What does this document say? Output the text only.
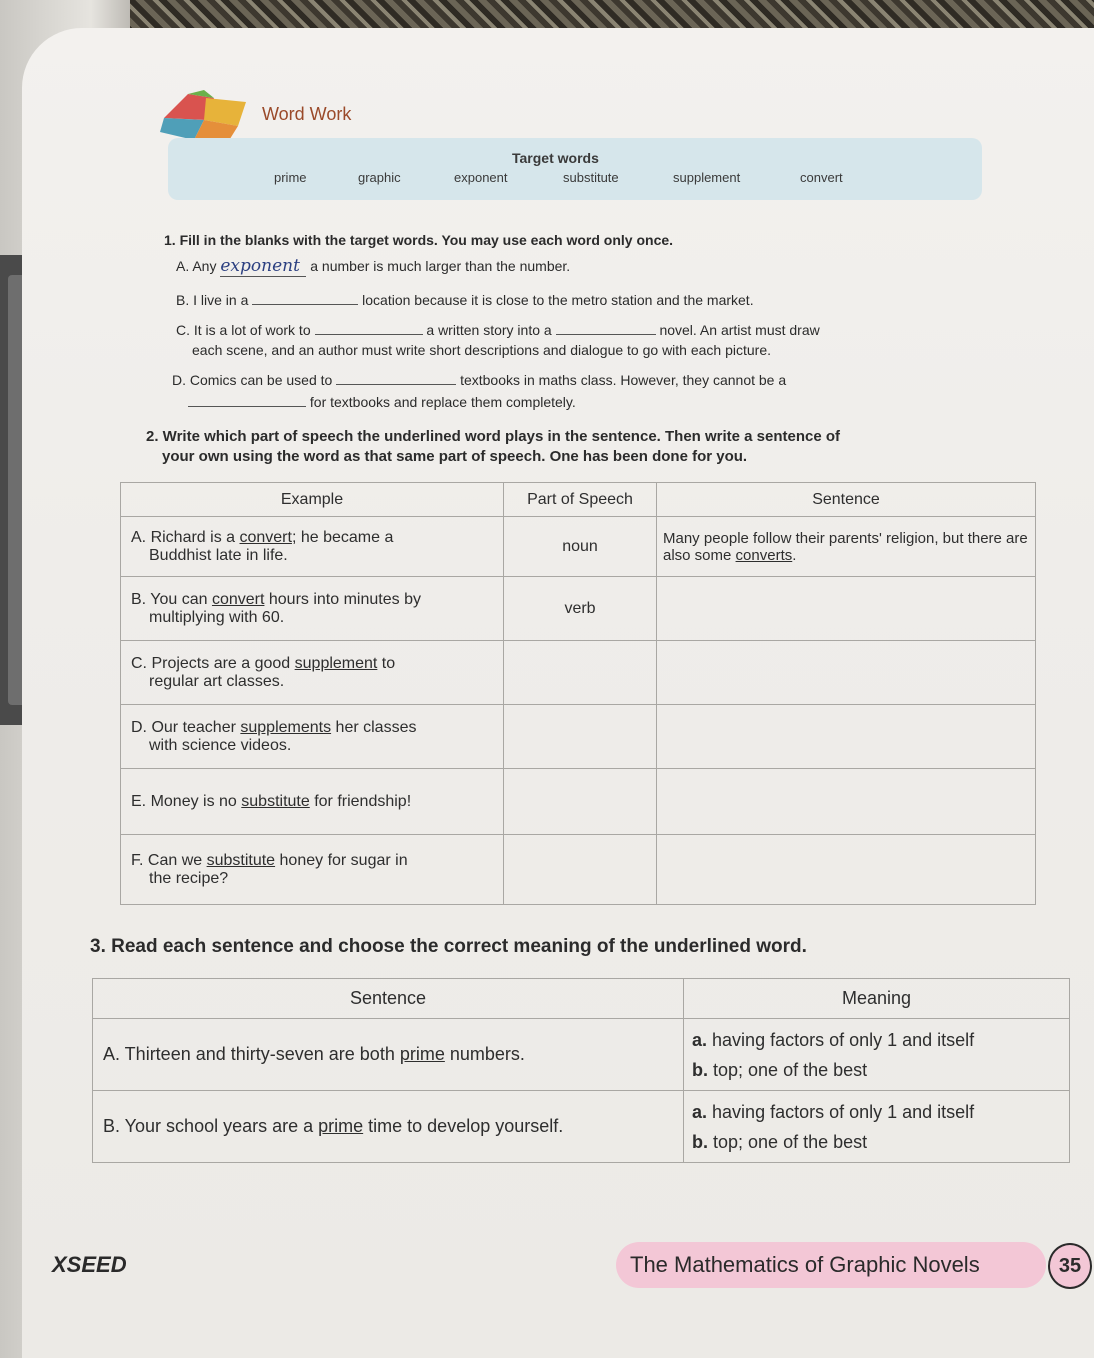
Word Work
Target words
prime	graphic	exponent	substitute	supplement	convert
1. Fill in the blanks with the target words. You may use each word only once.
A. Any exponent a number is much larger than the number.
B. I live in a	location because it is close to the metro station and the market.
C. It is a lot of work to	a written story into a	novel. An artist must draw
each scene, and an author must write short descriptions and dialogue to go with each picture.
D. Comics can be used to	textbooks in maths class. However, they cannot be a
for textbooks and replace them completely.
2. Write which part of speech the underlined word plays in the sentence. Then write a sentence of
your own using the word as that same part of speech. One has been done for you.
Example	Part of Speech	Sentence
A. Richard is a convert; he became a
Buddhist late in life.	noun	Many people follow their parents' religion, but there are also some converts.
B. You can convert hours into minutes by
multiplying with 60.	verb	
C. Projects are a good supplement to
regular art classes.		
D. Our teacher supplements her classes
with science videos.		
E. Money is no substitute for friendship!		
F. Can we substitute honey for sugar in
the recipe?		
3. Read each sentence and choose the correct meaning of the underlined word.
Sentence	Meaning
A. Thirteen and thirty-seven are both prime numbers.	a. having factors of only 1 and itself
b. top; one of the best

B. Your school years are a prime time to develop yourself.	a. having factors of only 1 and itself
b. top; one of the best
XSEED	The Mathematics of Graphic Novels	35
